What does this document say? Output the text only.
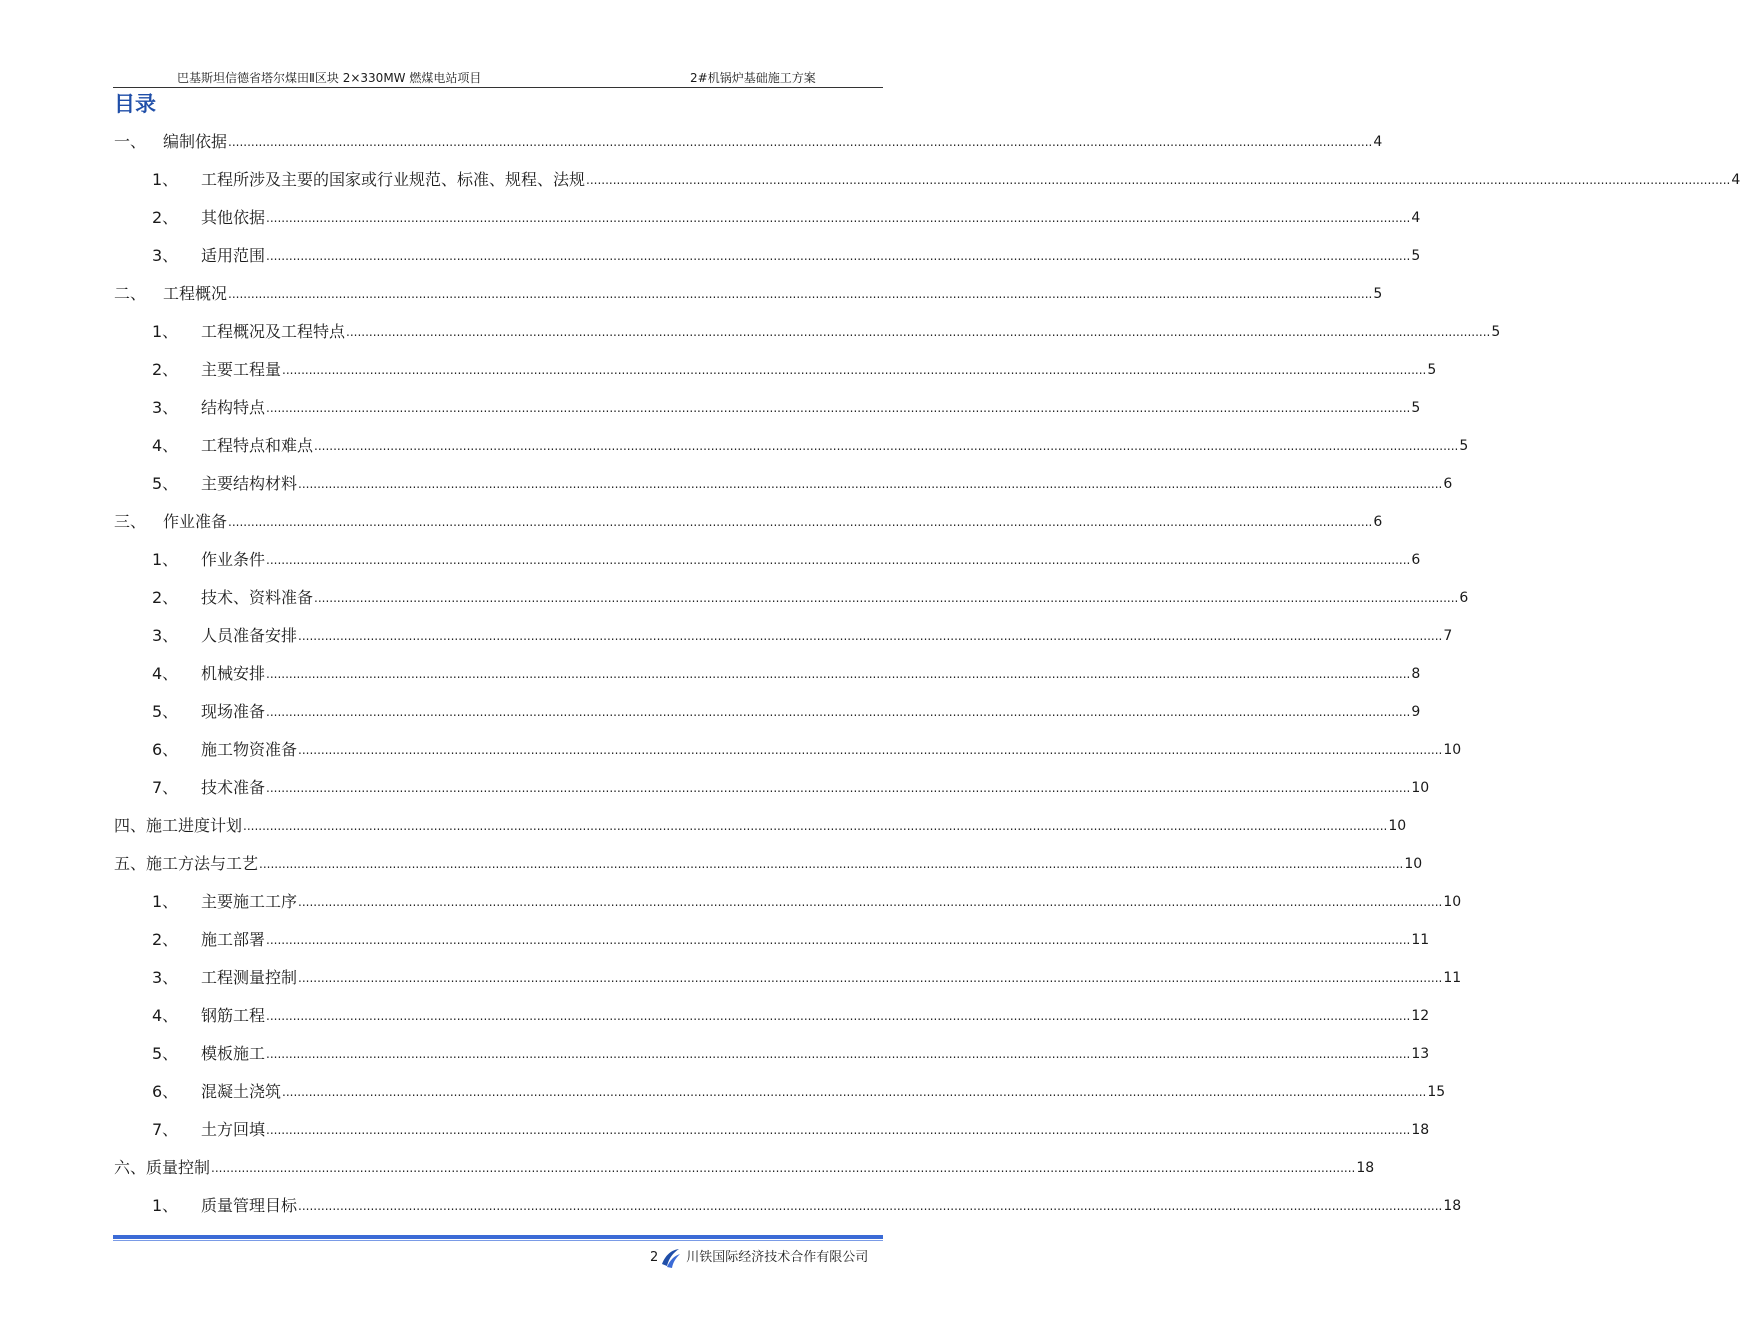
巴基斯坦信德省塔尔煤田Ⅱ区块 2×330MW 燃煤电站项目	2#机锅炉基础施工方案
目录
一、	编制依据 ............................................................................................................................................................................................................................................................................................................ 4
1、	工程所涉及主要的国家或行业规范、标准、规程、法规 ............................................................................................................................................................................................................................................................................................................ 4
2、	其他依据 ............................................................................................................................................................................................................................................................................................................ 4
3、	适用范围 ............................................................................................................................................................................................................................................................................................................ 5
二、	工程概况 ............................................................................................................................................................................................................................................................................................................ 5
1、	工程概况及工程特点 ............................................................................................................................................................................................................................................................................................................ 5
2、	主要工程量 ............................................................................................................................................................................................................................................................................................................ 5
3、	结构特点 ............................................................................................................................................................................................................................................................................................................ 5
4、	工程特点和难点 ............................................................................................................................................................................................................................................................................................................ 5
5、	主要结构材料 ............................................................................................................................................................................................................................................................................................................ 6
三、	作业准备 ............................................................................................................................................................................................................................................................................................................ 6
1、	作业条件 ............................................................................................................................................................................................................................................................................................................ 6
2、	技术、资料准备 ............................................................................................................................................................................................................................................................................................................ 6
3、	人员准备安排 ............................................................................................................................................................................................................................................................................................................ 7
4、	机械安排 ............................................................................................................................................................................................................................................................................................................ 8
5、	现场准备 ............................................................................................................................................................................................................................................................................................................ 9
6、	施工物资准备 ............................................................................................................................................................................................................................................................................................................ 10
7、	技术准备 ............................................................................................................................................................................................................................................................................................................ 10
四、 施工进度计划 ............................................................................................................................................................................................................................................................................................................ 10
五、 施工方法与工艺 ............................................................................................................................................................................................................................................................................................................ 10
1、	主要施工工序 ............................................................................................................................................................................................................................................................................................................ 10
2、	施工部署 ............................................................................................................................................................................................................................................................................................................ 11
3、	工程测量控制 ............................................................................................................................................................................................................................................................................................................ 11
4、	钢筋工程 ............................................................................................................................................................................................................................................................................................................ 12
5、	模板施工 ............................................................................................................................................................................................................................................................................................................ 13
6、	混凝土浇筑 ............................................................................................................................................................................................................................................................................................................ 15
7、	土方回填 ............................................................................................................................................................................................................................................................................................................ 18
六、 质量控制 ............................................................................................................................................................................................................................................................................................................ 18
1、	质量管理目标 ............................................................................................................................................................................................................................................................................................................ 18
2 川铁国际经济技术合作有限公司
